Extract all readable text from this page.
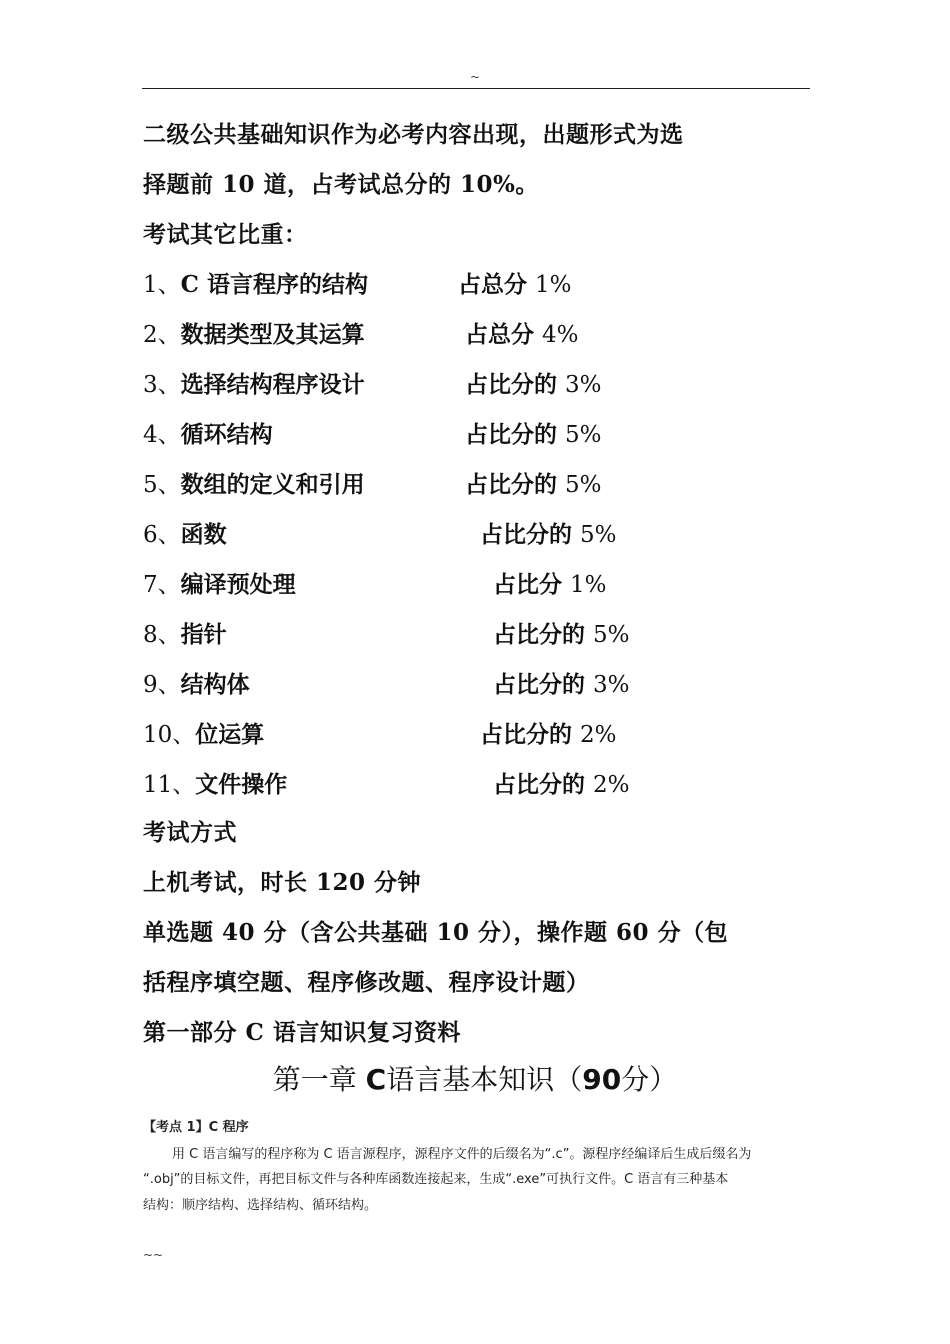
~
二级公共基础知识作为必考内容出现，出题形式为选
择题前 10 道，占考试总分的 10%。
考试其它比重：
1、C 语言程序的结构	占总分 1%
2、数据类型及其运算	占总分 4%
3、选择结构程序设计	占比分的 3%
4、循环结构	占比分的 5%
5、数组的定义和引用	占比分的 5%
6、函数	占比分的 5%
7、编译预处理	占比分 1%
8、指针	占比分的 5%
9、结构体	占比分的 3%
10、位运算	占比分的 2%
11、文件操作	占比分的 2%
考试方式
上机考试，时长 120 分钟
单选题 40 分（含公共基础 10 分），操作题 60 分（包
括程序填空题、程序修改题、程序设计题）
第一部分 C 语言知识复习资料
第一章 C语言基本知识（90分）
【考点 1】C 程序
用 C 语言编写的程序称为 C 语言源程序，源程序文件的后缀名为“.c”。源程序经编译后生成后缀名为
“.obj”的目标文件，再把目标文件与各种库函数连接起来，生成“.exe”可执行文件。C 语言有三种基本
结构：顺序结构、选择结构、循环结构。
~~
